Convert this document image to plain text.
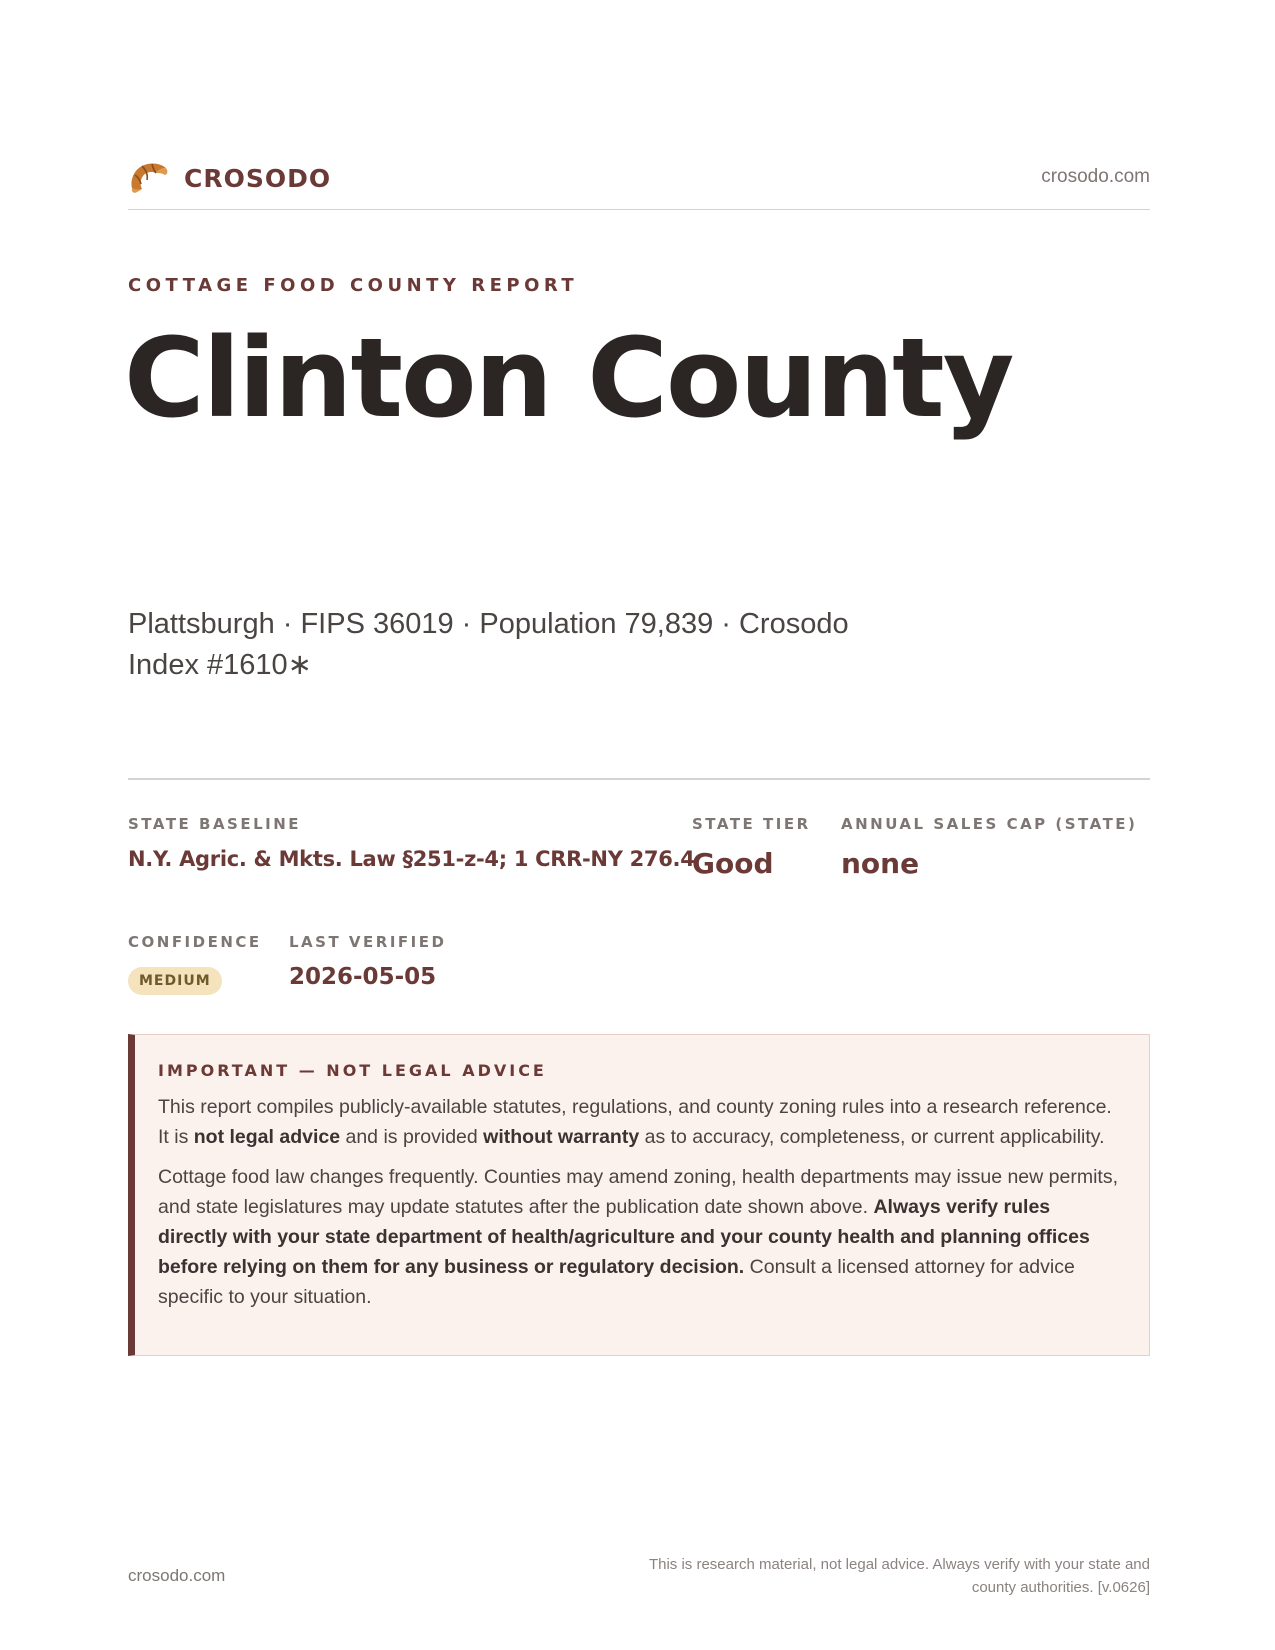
CROSODO	crosodo.com
COTTAGE FOOD COUNTY REPORT
Clinton County
Plattsburgh · FIPS 36019 · Population 79,839 · Crosodo Index #1610∗
STATE BASELINE
N.Y. Agric. & Mkts. Law §251-z-4; 1 CRR-NY 276.4
STATE TIER
Good
ANNUAL SALES CAP (STATE)
none
CONFIDENCE
MEDIUM
LAST VERIFIED
2026-05-05
IMPORTANT — NOT LEGAL ADVICE

This report compiles publicly-available statutes, regulations, and county zoning rules into a research reference. It is not legal advice and is provided without warranty as to accuracy, completeness, or current applicability.

Cottage food law changes frequently. Counties may amend zoning, health departments may issue new permits, and state legislatures may update statutes after the publication date shown above. Always verify rules directly with your state department of health/agriculture and your county health and planning offices before relying on them for any business or regulatory decision. Consult a licensed attorney for advice specific to your situation.

crosodo.com
This is research material, not legal advice. Always verify with your state and county authorities. [v.0626]
